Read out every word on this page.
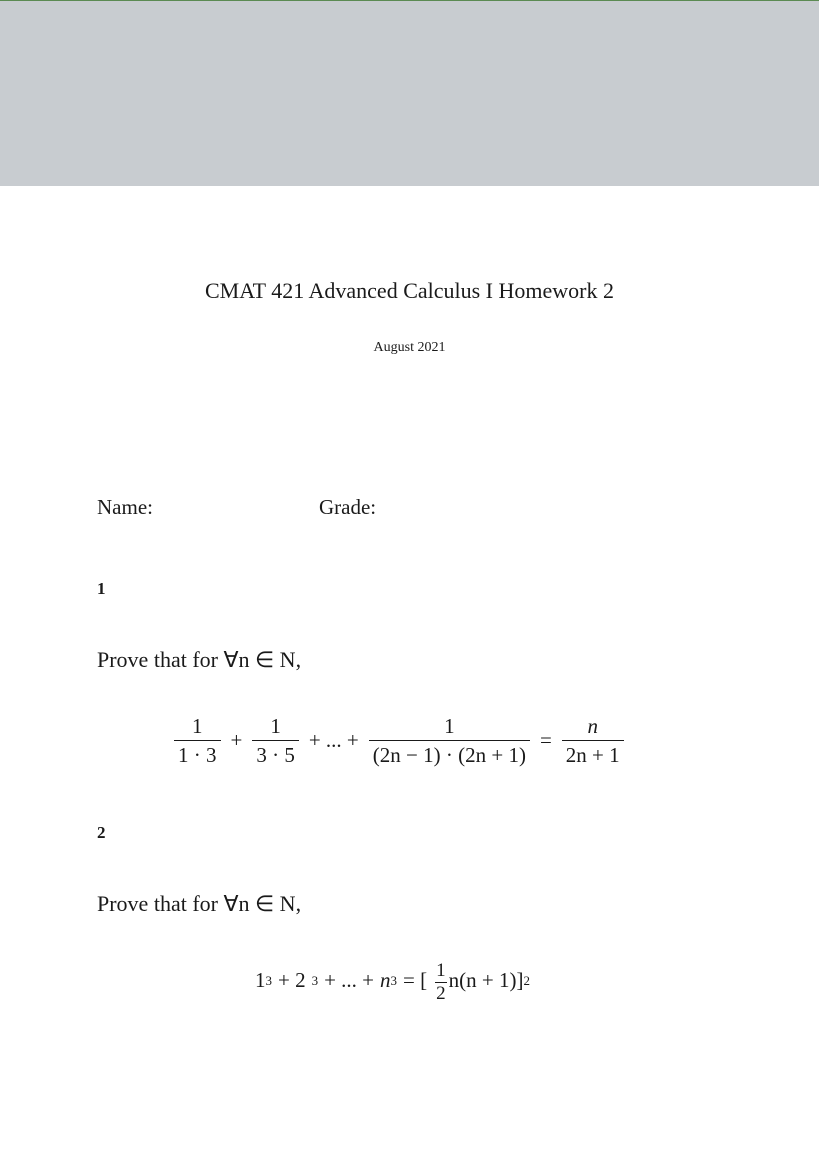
CMAT 421 Advanced Calculus I Homework 2
August 2021
Name:	Grade:
1
Prove that for ∀n ∈ N,
$\frac{1}{1 \cdot 3} + \frac{1}{3 \cdot 5}$ + ... + $\frac{1}{(2n - 1) \cdot (2n + 1)} = \frac{n}{2n + 1}$
2
Prove that for ∀n ∈ N,
1 3 + 2 3 + ... + n 3 = [ $\frac{1}{2} n(n + 1)$] 2
